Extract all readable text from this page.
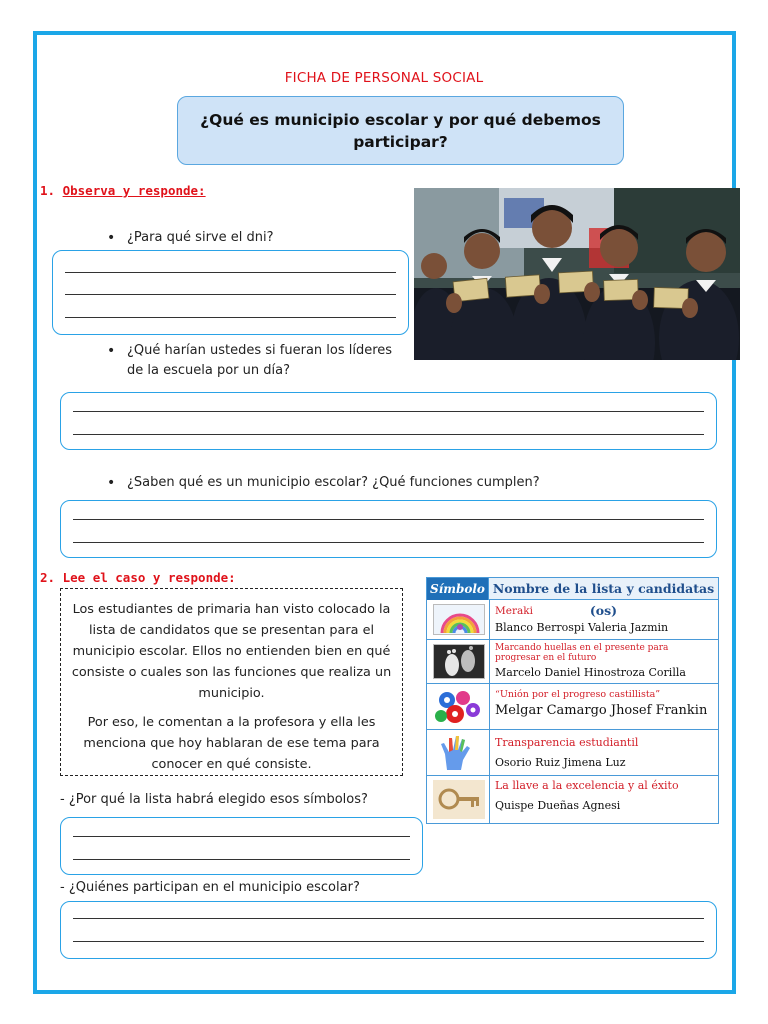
FICHA DE PERSONAL SOCIAL
¿Qué es municipio escolar y por qué debemos participar?
1. Observa y responde:
• ¿Para qué sirve el dni?
• ¿Qué harían ustedes si fueran los líderes de la escuela por un día?
• ¿Saben qué es un municipio escolar? ¿Qué funciones cumplen?
2. Lee el caso y responde:

Los estudiantes de primaria han visto colocado la lista de candidatos que se presentan para el municipio escolar. Ellos no entienden bien en qué consiste o cuales son las funciones que realiza un municipio.

Por eso, le comentan a la profesora y ella les menciona que hoy hablaran de ese tema para conocer en qué consiste.

- ¿Por qué la lista habrá elegido esos símbolos?
- ¿Quiénes participan en el municipio escolar?
Símbolo Nombre de la lista y candidatas (os)
Meraki
Blanco Berrospi Valeria Jazmin
Marcando huellas en el presente para progresar en el futuro
Marcelo Daniel Hinostroza Corilla
“Unión por el progreso castillista”
Melgar Camargo Jhosef Frankin
Transparencia estudiantil
Osorio Ruiz Jimena Luz
La llave a la excelencia y al éxito
Quispe Dueñas Agnesi
